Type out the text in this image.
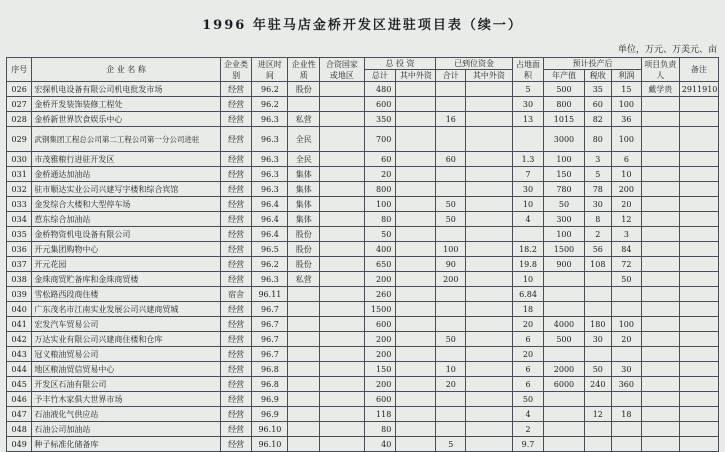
1996 年驻马店金桥开发区进驻项目表（续一）
单位，万元、万美元、亩
序号	企 业 名 称	企业类别	进区时间	企业性质	合资国家或地区	总 投 资		已到位资金		占地面积	预计投产后			项目负责人	备注
						总计	其中外资	合计	其中外资		年产值	税收	利润		
026	宏探机电设备有限公司机电批发市场	经营	96.2	股份		480				5	500	35	15	戴学贵	2911910
027	金桥开发装饰装修工程处	经营	96.2			600				30	800	60	100		
028	金桥新世界饮食娱乐中心	经营	96.3	私营		350		16		13	1015	82	36		
029	武钢集团工程总公司第二工程公司第一分公司进驻	经营	96.3	全民		700					3000	80	100		
030	市茂雅粮行进驻开发区	经营	96.3	全民		60		60		1.3	100	3	6		
031	金桥通达加油站	经营	96.3	集体		20				7	150	5	10		
032	驻市顺达实业公司兴建写字楼和综合宾馆	经营	96.3	集体		800				30	780	78	200		
033	金发综合大楼和大型停车场	经营	96.4	集体		100		50		10	50	30	20		
034	惹东综合加油站	经营	96.4	集体		80		50		4	300	8	12		
035	金桥物资机电设备有限公司	经营	96.4	股份		50					100	2	3		
036	开元集团购物中心	经营	96.5	股份		400		100		18.2	1500	56	84		
037	开元花园	经营	96.2	股份		650		90		19.8	900	108	72		
038	金珠商贸贮备库和金珠商贸楼	经营	96.3	私营		200		200		10			50		
039	雪松路西段商住楼	宿舍	96.11			260				6.84					
040	广东茂名市江南实业发展公司兴建商贸城	经营	96.7			1500				18					
041	宏发汽车贸易公司	经营	96.7			600				20	4000	180	100		
042	万达实业有限公司兴建商住楼和仓库	经营	96.7			200		50		6	500	30	20		
043	冠义粮油贸易公司	经营	96.7			200				20					
044	地区粮油贸信贸易中心	经营	96.8			150		10		6	2000	50	30		
045	开发区石油有限公司	经营	96.8			200		20		6	6000	240	360		
046	予丰竹木家俱大世界市场	经营	96.9			600				50					
047	石油液化气供应站	经营	96.9			118				4		12	18		
048	石油公司加油站	经营	96.10			80				2					
049	种子标准化储备库	经营	96.10			40		5		9.7					
